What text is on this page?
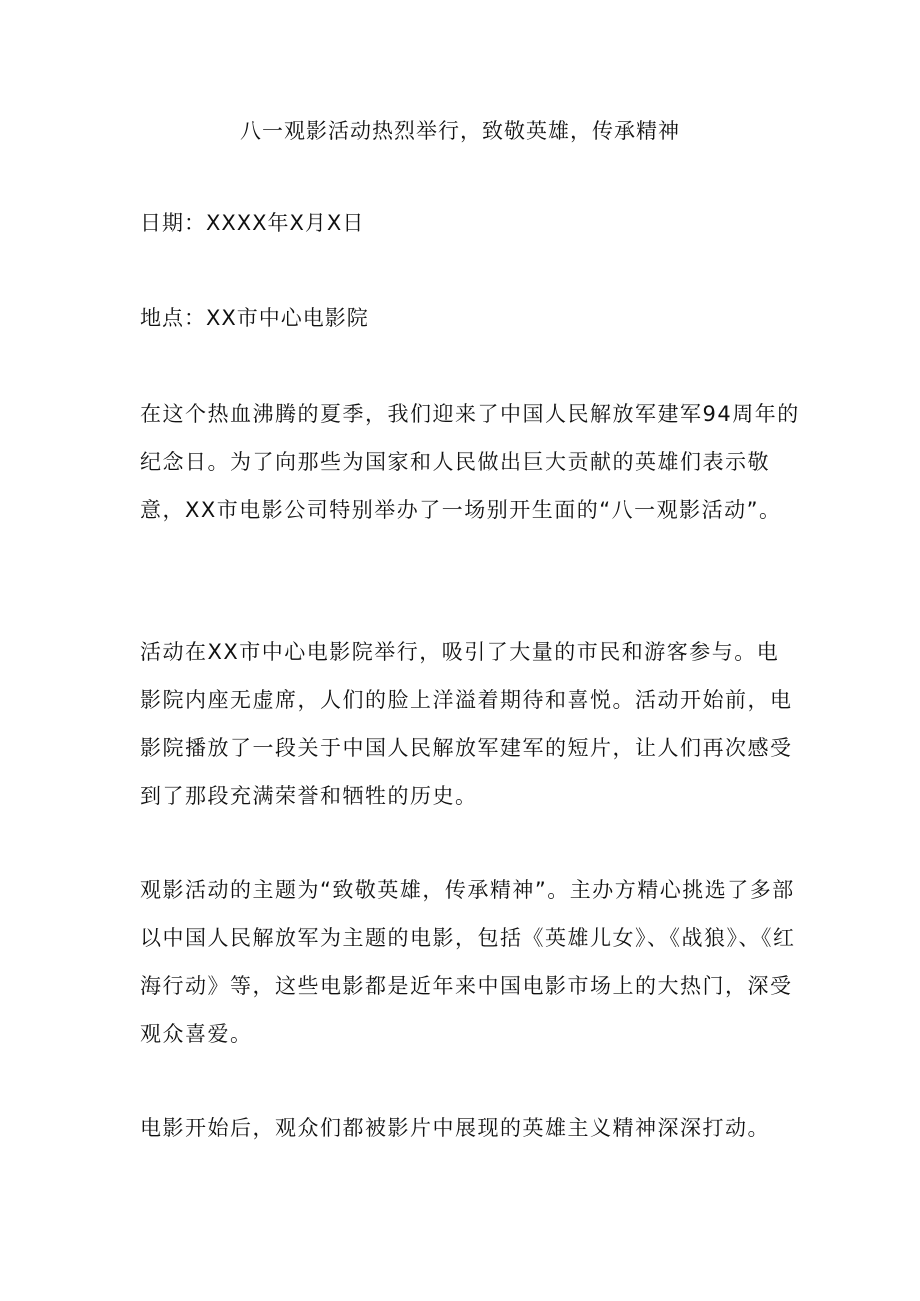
八一观影活动热烈举行，致敬英雄，传承精神
日期：XXXX年X月X日
地点：XX市中心电影院

在这个热血沸腾的夏季，我们迎来了中国人民解放军建军94周年的纪念日。为了向那些为国家和人民做出巨大贡献的英雄们表示敬意，XX市电影公司特别举办了一场别开生面的“八一观影活动”。

活动在XX市中心电影院举行，吸引了大量的市民和游客参与。电影院内座无虚席，人们的脸上洋溢着期待和喜悦。活动开始前，电影院播放了一段关于中国人民解放军建军的短片，让人们再次感受到了那段充满荣誉和牺牲的历史。

观影活动的主题为“致敬英雄，传承精神”。主办方精心挑选了多部以中国人民解放军为主题的电影，包括《英雄儿女》、《战狼》、《红海行动》等，这些电影都是近年来中国电影市场上的大热门，深受观众喜爱。

电影开始后，观众们都被影片中展现的英雄主义精神深深打动。
